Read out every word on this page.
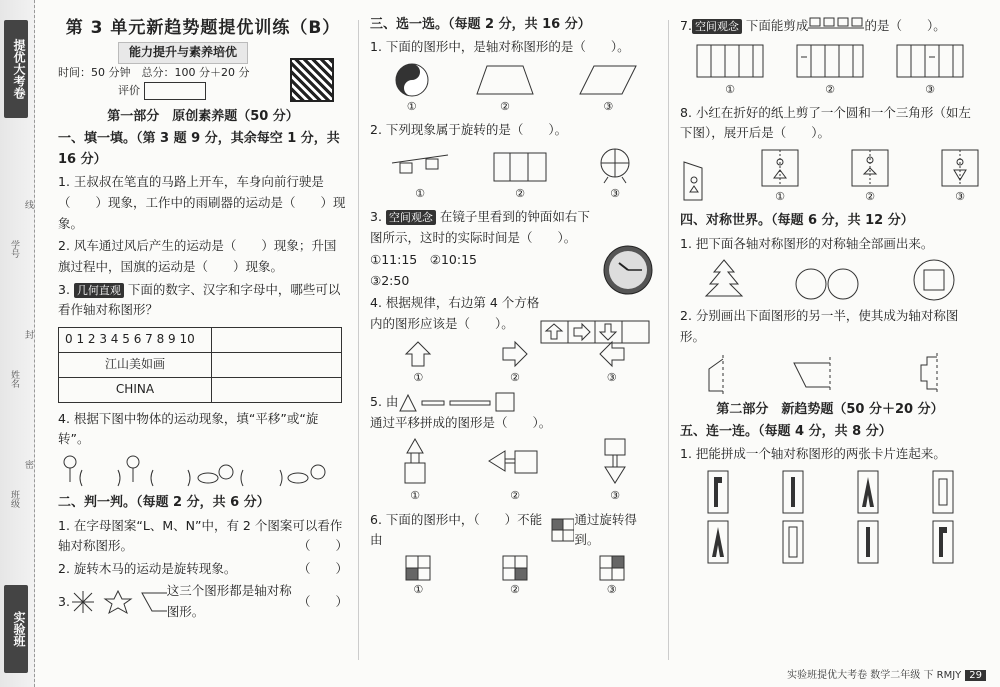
提优大考卷
学号
姓名
班级
线
封
密
实验班
第 3 单元新趋势题提优训练（B）
能力提升与素养培优
时间：50 分钟　总分：100 分＋20 分
评价
第一部分　原创素养题（50 分）
一、填一填。（第 3 题 9 分，其余每空 1 分，共 16 分）
1. 王叔叔在笔直的马路上开车，车身向前行驶是（　　）现象，工作中的雨刷器的运动是（　　）现象。
2. 风车通过风后产生的运动是（　　）现象；升国旗过程中，国旗的运动是（　　）现象。
3. 几何直观 下面的数字、汉字和字母中，哪些可以看作轴对称图形？
0 1 2 3 4 5 6 7 8 9 10	
江山美如画	
CHINA	
4. 根据下图中物体的运动现象，填“平移”或“旋转”。
二、判一判。（每题 2 分，共 6 分）
1. 在字母图案“L、M、N”中，有 2 个图案可以看作轴对称图形。	（　　）
2. 旋转木马的运动是旋转现象。	（　　）
3.
这三个图形都是轴对称图形。
（　　）
三、选一选。（每题 2 分，共 16 分）
1. 下面的图形中，是轴对称图形的是（　　）。
①	②	③
2. 下列现象属于旋转的是（　　）。
①	②	③
3. 空间观念 在镜子里看到的钟面如右下图所示，这时的实际时间是（　　）。
①11:15　 ②10:15
③2:50
4. 根据规律，右边第 4 个方格内的图形应该是（　　）。
①	②	③
5. 由
通过平移拼成的图形是（　　）。
①	②	③
6. 下面的图形中，（　　）不能由
通过旋转得到。
①	②	③
7. 空间观念
下面能剪成	的是（　　）。
①	②	③
8. 小红在折好的纸上剪了一个圆和一个三角形（如左下图），展开后是（　　）。
①	②	③
四、对称世界。（每题 6 分，共 12 分）
1. 把下面各轴对称图形的对称轴全部画出来。
2. 分别画出下面图形的另一半，使其成为轴对称图形。
第二部分　新趋势题（50 分＋20 分）
五、连一连。（每题 4 分，共 8 分）
1. 把能拼成一个轴对称图形的两张卡片连起来。
实验班提优大考卷 数学二年级 下 RMJY 29
